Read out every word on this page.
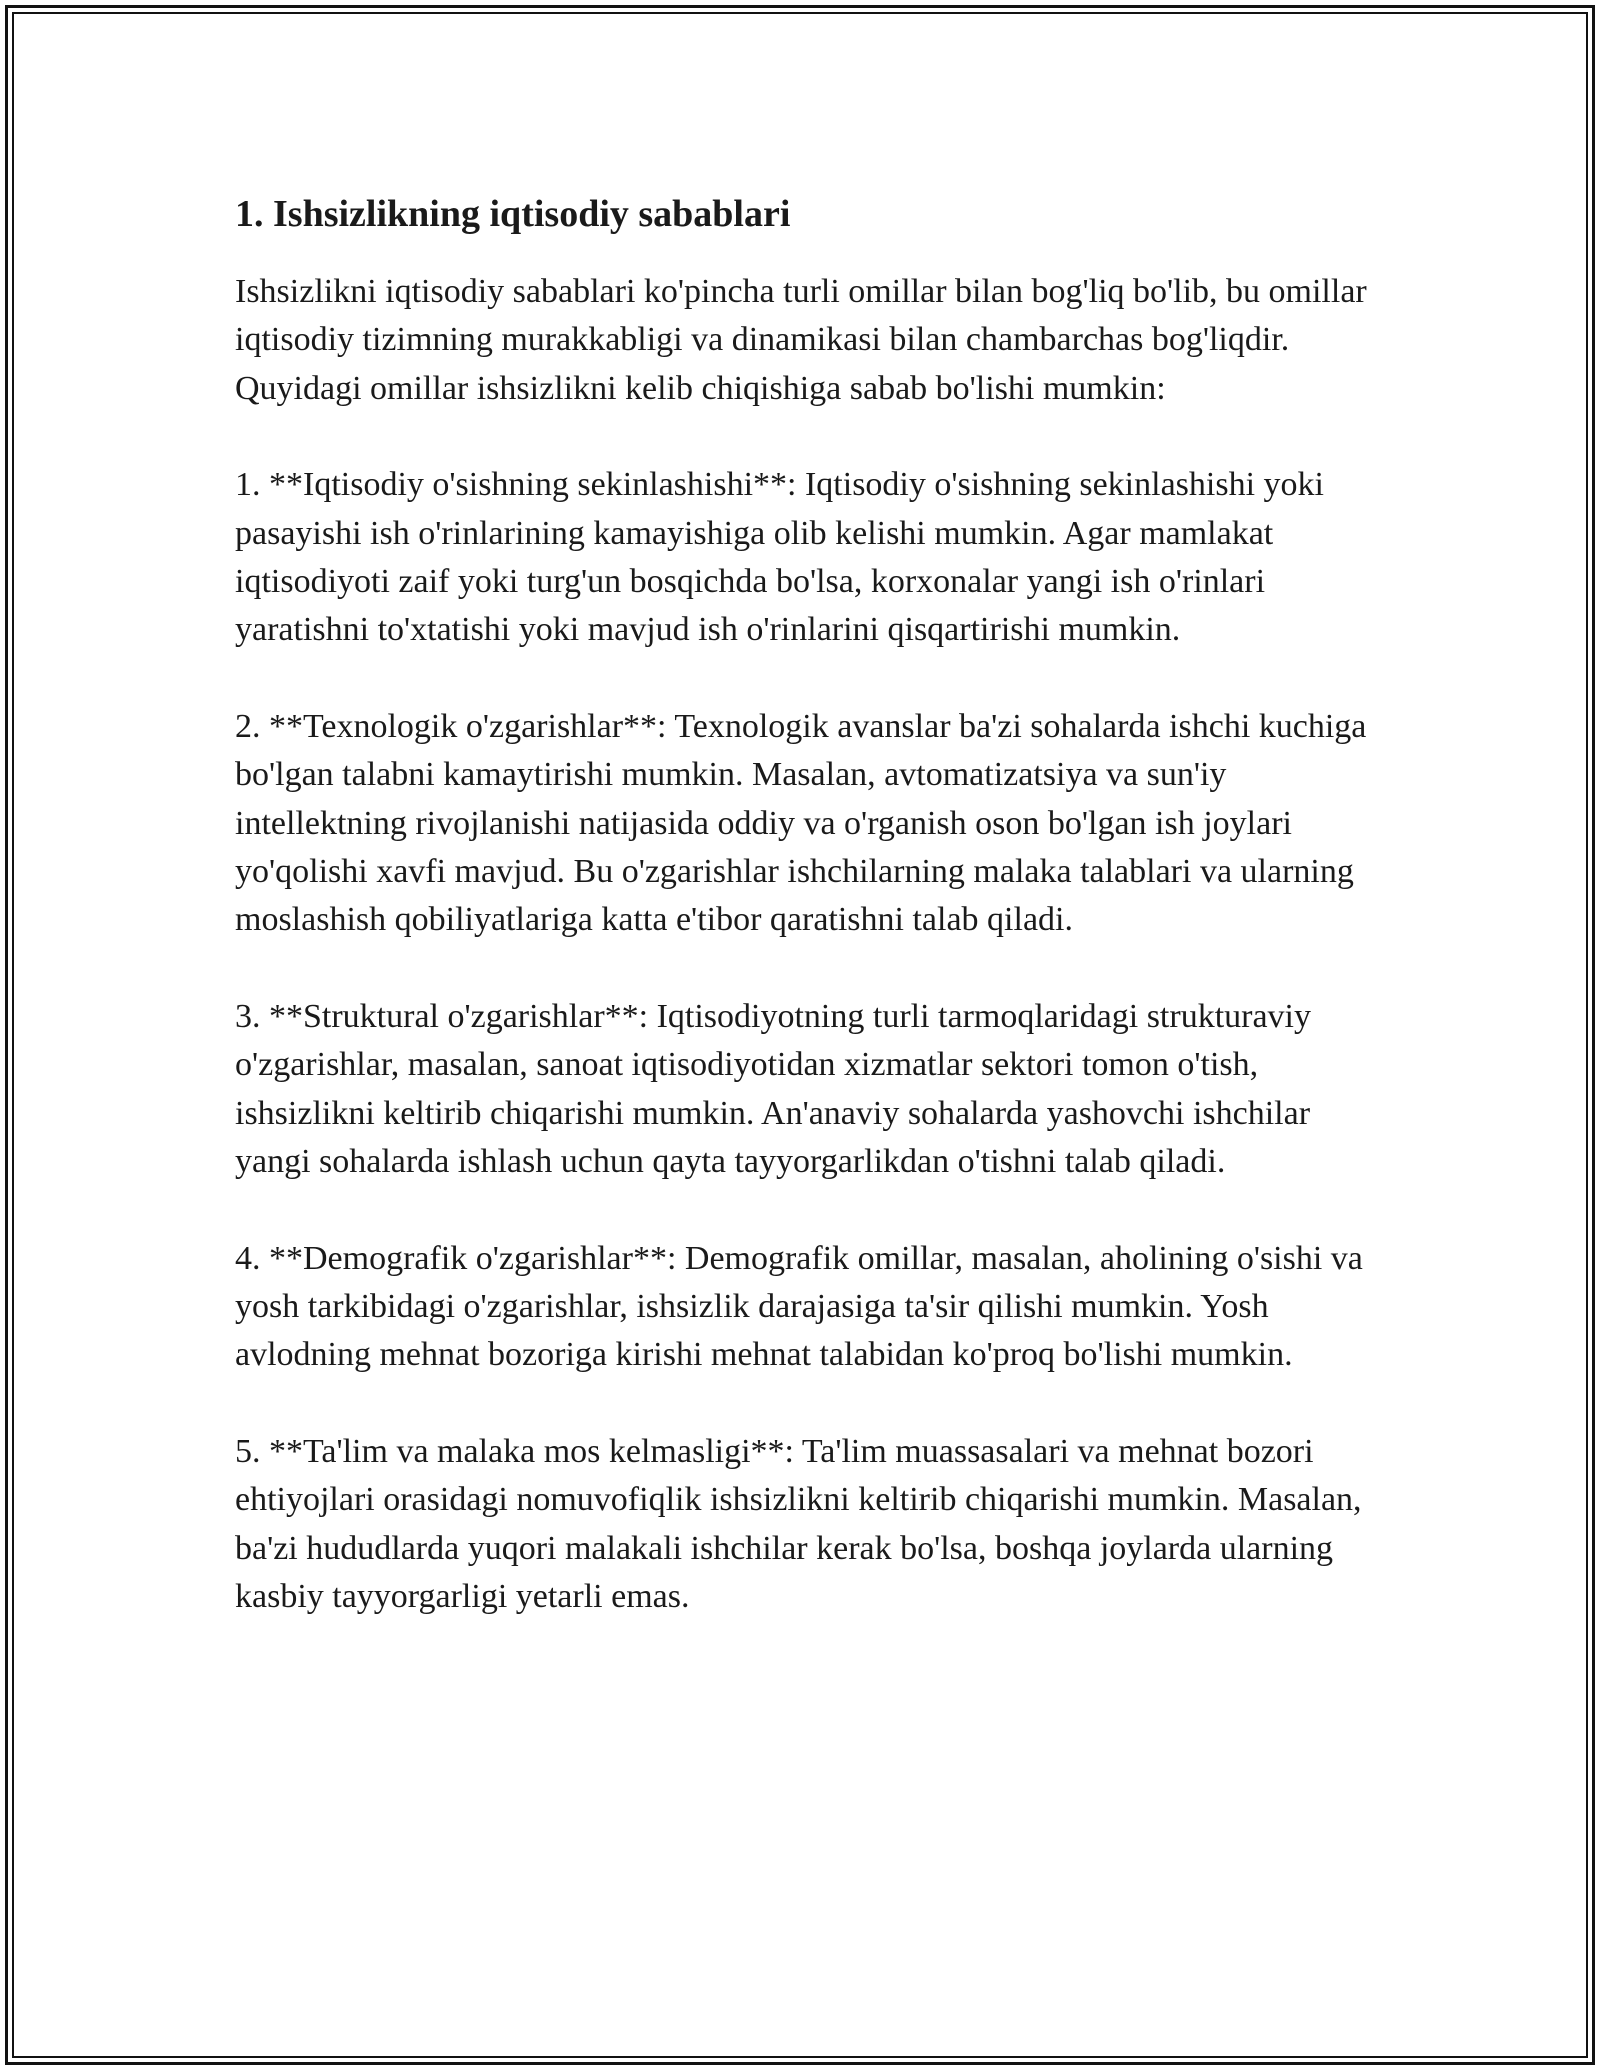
1. Ishsizlikning iqtisodiy sabablari

Ishsizlikni iqtisodiy sabablari ko'pincha turli omillar bilan bog'liq bo'lib, bu omillar iqtisodiy tizimning murakkabligi va dinamikasi bilan chambarchas bog'liqdir. Quyidagi omillar ishsizlikni kelib chiqishiga sabab bo'lishi mumkin:

1. **Iqtisodiy o'sishning sekinlashishi**: Iqtisodiy o'sishning sekinlashishi yoki pasayishi ish o'rinlarining kamayishiga olib kelishi mumkin. Agar mamlakat iqtisodiyoti zaif yoki turg'un bosqichda bo'lsa, korxonalar yangi ish o'rinlari yaratishni to'xtatishi yoki mavjud ish o'rinlarini qisqartirishi mumkin.

2. **Texnologik o'zgarishlar**: Texnologik avanslar ba'zi sohalarda ishchi kuchiga bo'lgan talabni kamaytirishi mumkin. Masalan, avtomatizatsiya va sun'iy intellektning rivojlanishi natijasida oddiy va o'rganish oson bo'lgan ish joylari yo'qolishi xavfi mavjud. Bu o'zgarishlar ishchilarning malaka talablari va ularning moslashish qobiliyatlariga katta e'tibor qaratishni talab qiladi.

3. **Struktural o'zgarishlar**: Iqtisodiyotning turli tarmoqlaridagi strukturaviy o'zgarishlar, masalan, sanoat iqtisodiyotidan xizmatlar sektori tomon o'tish, ishsizlikni keltirib chiqarishi mumkin. An'anaviy sohalarda yashovchi ishchilar yangi sohalarda ishlash uchun qayta tayyorgarlikdan o'tishni talab qiladi.

4. **Demografik o'zgarishlar**: Demografik omillar, masalan, aholining o'sishi va yosh tarkibidagi o'zgarishlar, ishsizlik darajasiga ta'sir qilishi mumkin. Yosh avlodning mehnat bozoriga kirishi mehnat talabidan ko'proq bo'lishi mumkin.

5. **Ta'lim va malaka mos kelmasligi**: Ta'lim muassasalari va mehnat bozori ehtiyojlari orasidagi nomuvofiqlik ishsizlikni keltirib chiqarishi mumkin. Masalan, ba'zi hududlarda yuqori malakali ishchilar kerak bo'lsa, boshqa joylarda ularning kasbiy tayyorgarligi yetarli emas.
